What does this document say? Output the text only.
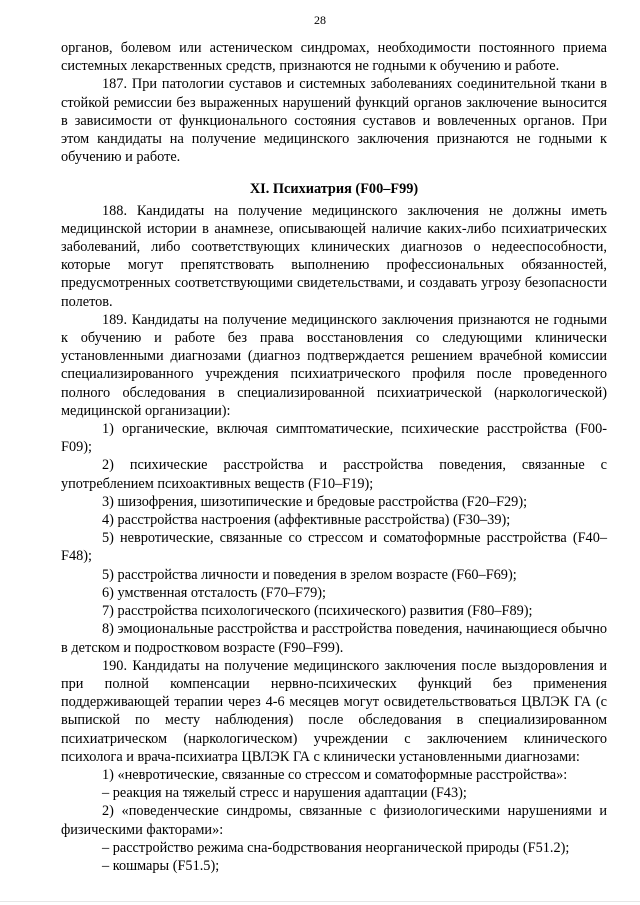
28

органов, болевом или астеническом синдромах, необходимости постоянного приема системных лекарственных средств, признаются не годными к обучению и работе.

187. При патологии суставов и системных заболеваниях соединительной ткани в стойкой ремиссии без выраженных нарушений функций органов заключение выносится в зависимости от функционального состояния суставов и вовлеченных органов. При этом кандидаты на получение медицинского заключения признаются не годными к обучению и работе.

XI. Психиатрия (F00–F99)

188. Кандидаты на получение медицинского заключения не должны иметь медицинской истории в анамнезе, описывающей наличие каких-либо психиатрических заболеваний, либо соответствующих клинических диагнозов о недееспособности, которые могут препятствовать выполнению профессиональных обязанностей, предусмотренных соответствующими свидетельствами, и создавать угрозу безопасности полетов.

189. Кандидаты на получение медицинского заключения признаются не годными к обучению и работе без права восстановления со следующими клинически установленными диагнозами (диагноз подтверждается решением врачебной комиссии специализированного учреждения психиатрического профиля после проведенного полного обследования в специализированной психиатрической (наркологической) медицинской организации):

1) органические, включая симптоматические, психические расстройства (F00-F09);

2) психические расстройства и расстройства поведения, связанные с употреблением психоактивных веществ (F10–F19);

3) шизофрения, шизотипические и бредовые расстройства (F20–F29);

4) расстройства настроения (аффективные расстройства) (F30–39);

5) невротические, связанные со стрессом и соматоформные расстройства (F40–F48);

5) расстройства личности и поведения в зрелом возрасте (F60–F69);

6) умственная отсталость (F70–F79);

7) расстройства психологического (психического) развития (F80–F89);

8) эмоциональные расстройства и расстройства поведения, начинающиеся обычно в детском и подростковом возрасте (F90–F99).

190. Кандидаты на получение медицинского заключения после выздоровления и при полной компенсации нервно-психических функций без применения поддерживающей терапии через 4-6 месяцев могут освидетельствоваться ЦВЛЭК ГА (с выпиской по месту наблюдения) после обследования в специализированном психиатрическом (наркологическом) учреждении с заключением клинического психолога и врача-психиатра ЦВЛЭК ГА с клинически установленными диагнозами:

1) «невротические, связанные со стрессом и соматоформные расстройства»:

– реакция на тяжелый стресс и нарушения адаптации (F43);

2) «поведенческие синдромы, связанные с физиологическими нарушениями и физическими факторами»:

– расстройство режима сна-бодрствования неорганической природы (F51.2);

– кошмары (F51.5);
